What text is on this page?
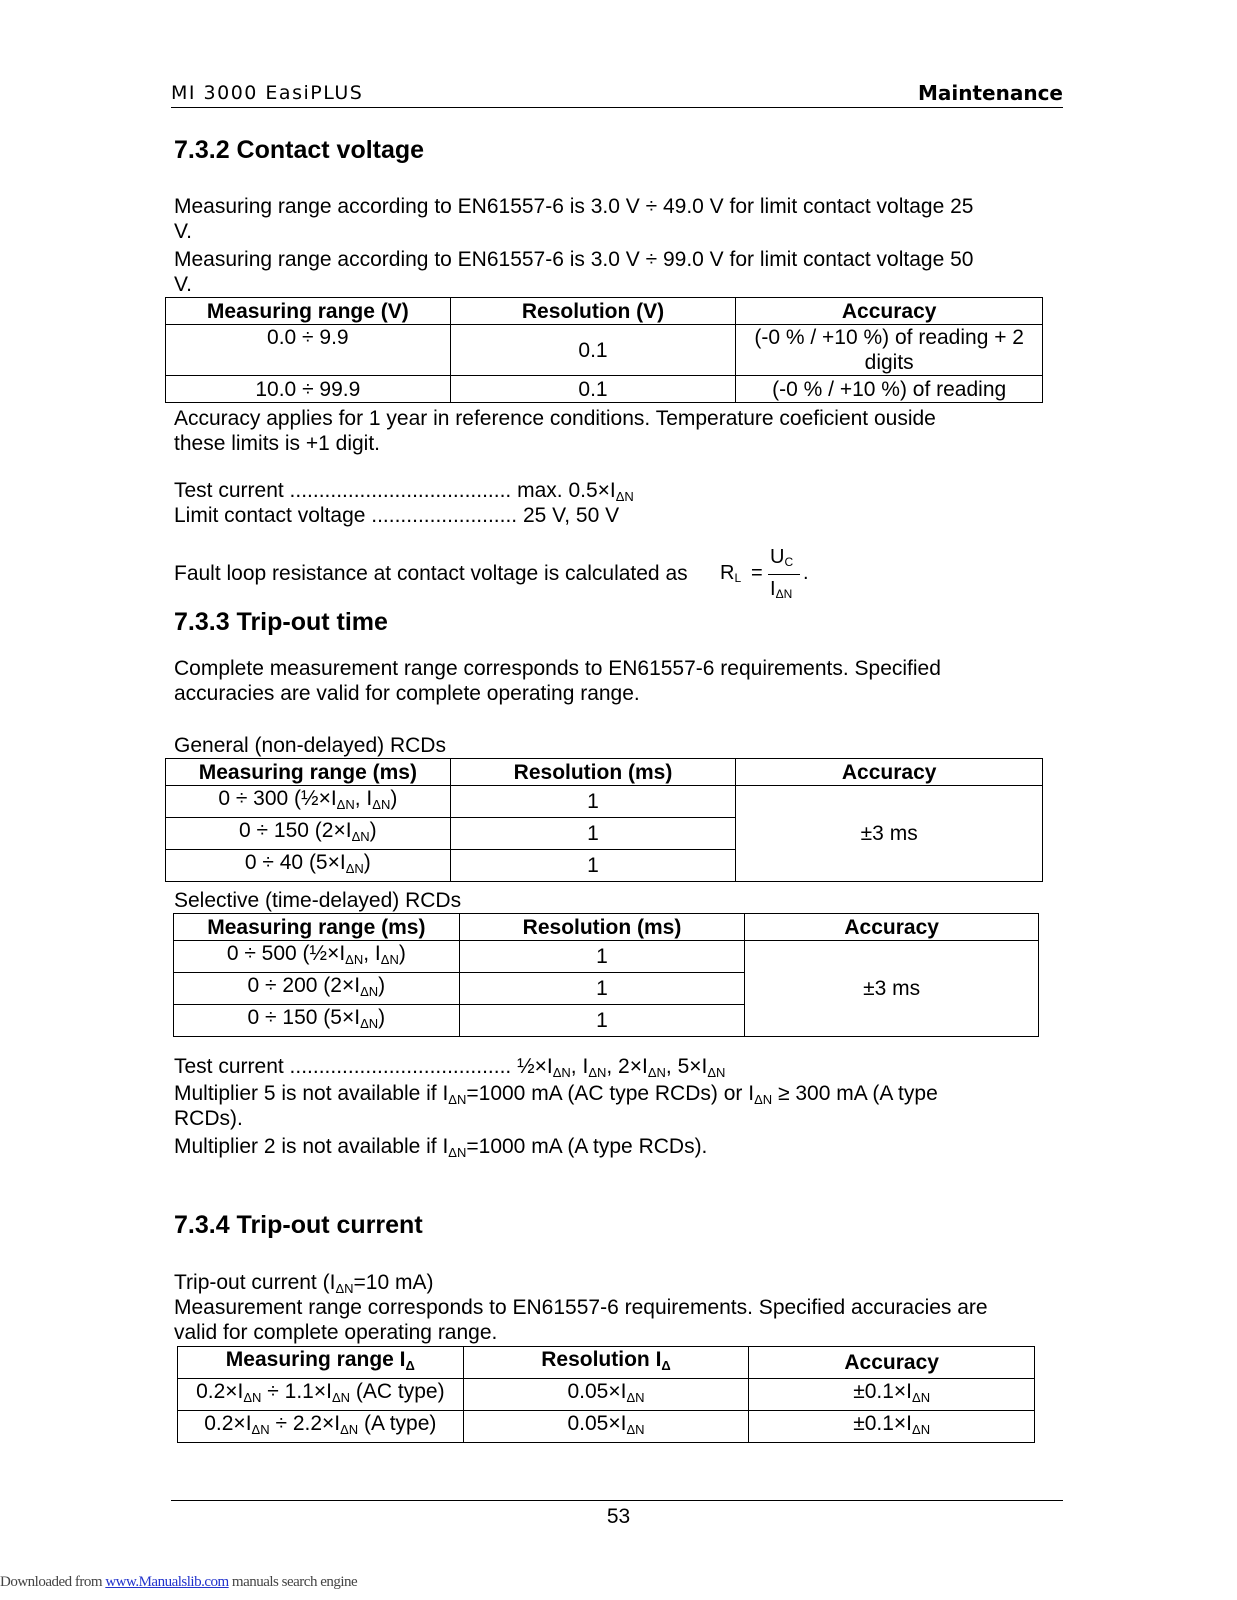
MI 3000 EasiPLUS	Maintenance
7.3.2 Contact voltage
Measuring range according to EN61557-6 is 3.0 V ÷ 49.0 V for limit contact voltage 25
V.
Measuring range according to EN61557-6 is 3.0 V ÷ 99.0 V for limit contact voltage 50
V.
Measuring range (V)	Resolution (V)	Accuracy
0.0 ÷ 9.9	0.1	(-0 % / +10 %) of reading + 2
digits
10.0 ÷ 99.9	0.1	(-0 % / +10 %) of reading
Accuracy applies for 1 year in reference conditions. Temperature coeficient ouside
these limits is +1 digit.
Test current ...................................... max. $0.5\times I_{\Delta N}$
Limit contact voltage ......................... 25 V, 50 V
Fault loop resistance at contact voltage is calculated as RL =
UC
IΔN
.
7.3.3 Trip-out time
Complete measurement range corresponds to EN61557-6 requirements. Specified
accuracies are valid for complete operating range.
General (non-delayed) RCDs
Measuring range (ms)	Resolution (ms)	Accuracy
0 ÷ 300 ($\frac{1}{2}\times I_{\Delta N}$, $I_{\Delta N}$)	1	±3 ms
0 ÷ 150 $(2\times I_{\Delta N})$	1	
0 ÷ 40 $(5\times I_{\Delta N})$	1	
Selective (time-delayed) RCDs
Measuring range (ms)	Resolution (ms)	Accuracy
0 ÷ 500 ($\frac{1}{2}\times I_{\Delta N}$, $I_{\Delta N}$)	1	±3 ms
0 ÷ 200 $(2\times I_{\Delta N})$	1	
0 ÷ 150 $(5\times I_{\Delta N})$	1	
Test current ...................................... $\frac{1}{2}\times I_{\Delta N}$, $I_{\Delta N}$, $2\times I_{\Delta N}$, $5\times I_{\Delta N}$
Multiplier 5 is not available if $I_{\Delta N}=1000$ mA (AC type RCDs) or $I_{\Delta N} \ge 300$ mA (A type
RCDs).
Multiplier 2 is not available if $I_{\Delta N}=1000$ mA (A type RCDs).
7.3.4 Trip-out current
Trip-out current ($I_{\Delta N}=10$ mA)
Measurement range corresponds to EN61557-6 requirements. Specified accuracies are
valid for complete operating range.
Measuring range $I_\Delta$	Resolution $I_\Delta$	Accuracy
$0.2\times I_{\Delta N} \div 1.1\times I_{\Delta N}$ (AC type)	$0.05\times I_{\Delta N}$	$\pm 0.1\times I_{\Delta N}$
$0.2\times I_{\Delta N} \div 2.2\times I_{\Delta N}$ (A type)	$0.05\times I_{\Delta N}$	$\pm 0.1\times I_{\Delta N}$
53
Downloaded from www.Manualslib.com manuals search engine
